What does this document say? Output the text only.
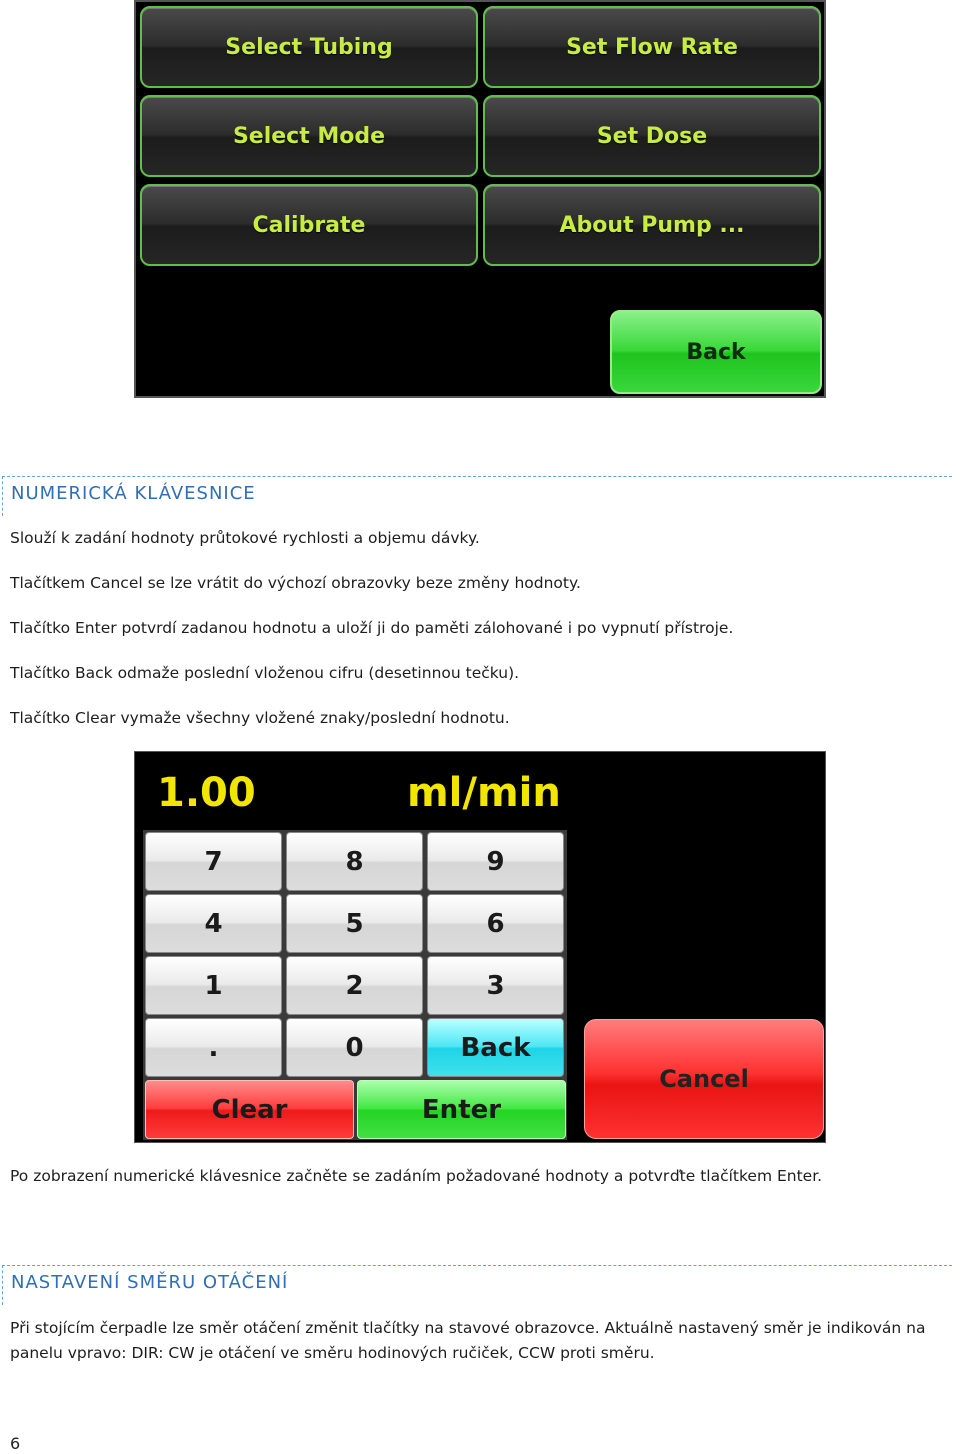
Select Tubing	Set Flow Rate
Select Mode	Set Dose
Calibrate	About Pump ...
Back
NUMERICKÁ KLÁVESNICE

Slouží k zadání hodnoty průtokové rychlosti a objemu dávky.

Tlačítkem Cancel se lze vrátit do výchozí obrazovky beze změny hodnoty.

Tlačítko Enter potvrdí zadanou hodnotu a uloží ji do paměti zálohované i po vypnutí přístroje.

Tlačítko Back odmaže poslední vloženou cifru (desetinnou tečku).

Tlačítko Clear vymaže všechny vložené znaky/poslední hodnotu.

1.00	ml/min
7	8	9
4	5	6
1	2	3
.	0	Back
Clear	Enter
Cancel

Po zobrazení numerické klávesnice začněte se zadáním požadované hodnoty a potvrďte tlačítkem Enter.

NASTAVENÍ SMĚRU OTÁČENÍ

Při stojícím čerpadle lze směr otáčení změnit tlačítky na stavové obrazovce. Aktuálně nastavený směr je indikován na panelu vpravo: DIR: CW je otáčení ve směru hodinových ručiček, CCW proti směru.

6
